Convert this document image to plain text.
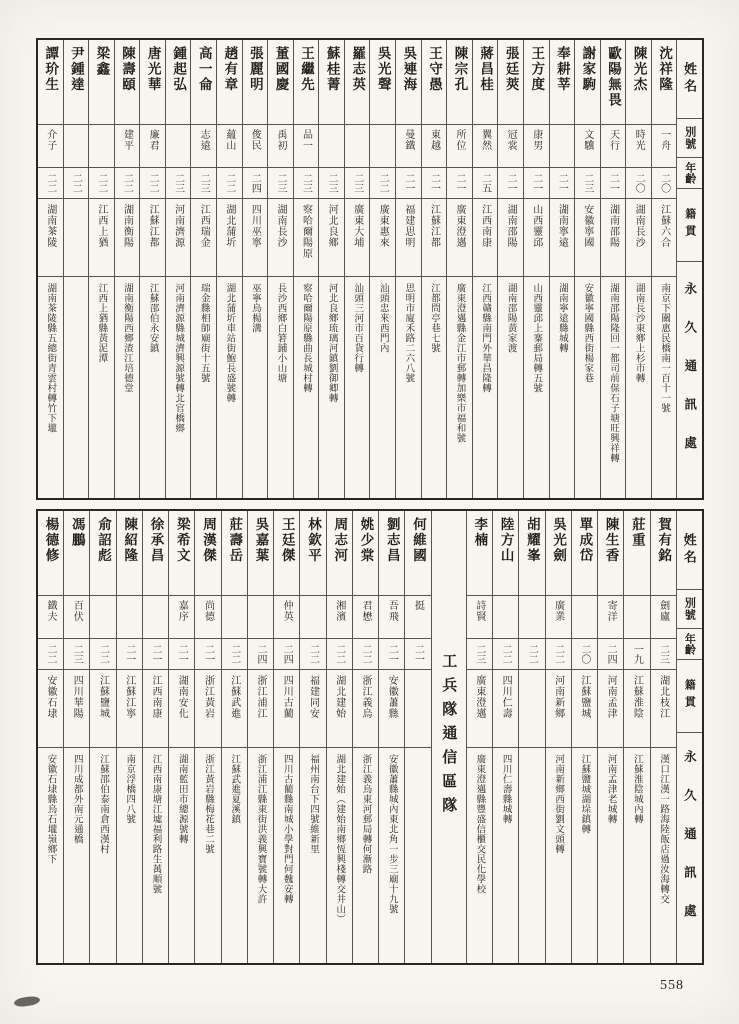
姓名
別號
年齡
籍貫
永久通訊處
沈祥隆
一舟
二〇
江蘇六合
南京下關惠民橋南一百十一號
陳光杰
時光
二〇
湖南長沙
湖南長沙東鄉上杉市轉
歐陽無畏
天行
二一
湖南邵陽
湖南邵陽隆回一都司前保石子塘旺興祥轉
謝家駒
文驥
二三
安徽寧國
安徽寧國縣西街楊家巷
奉耕莘
二一
湖南寧遠
湖南寧遠縣城轉
王方度
康男
二一
山西靈邱
山西靈邱上寨郵局轉五號
張廷莢
冠裳
二一
湖南邵陽
湖南邵陽黃家渡
蔣昌桂
翼然
二五
江西南康
江西贛縣南門外華昌隆轉
陳宗孔
所位
二一
廣東澄邁
廣東澄邁縣金江市郵轉加樂市福和號
王守愚
東越
二一
江蘇江都
江都問亭巷七號
吳連海
曼鐵
二一
福建思明
思明市廈禾路二六八號
吳光聲
二二
廣東惠來
汕頭忠來西門內
羅志英
二三
廣東大埔
汕頭三河市百貨行轉
蘇桂菁
二三
河北良鄉
河北良鄉琉璃河鎮劉御卿轉
王繼先
品一
二三
察哈爾陽原
察哈爾陽原縣曲長城村轉
董國慶
禹初
二三
湖南長沙
長沙西鄉白箬鋪小山塘
張麗明
俊民
二四
四川巫寧
巫寧烏楊溝
趙有章
蘊山
二二
湖北蒲圻
湖北蒲圻車站街鮑長盛號轉
高一侖
志遠
二三
江西瑞金
瑞金縣相師廟街十五號
鍾起弘
二三
河南濟源
河南濟源縣城濟興源號轉北官橋鄉
唐光華
廉君
二二
江蘇江都
江蘇邵伯永安鎮
陳壽頤
建平
二二
湖南衡陽
湖南衡陽西鄉渣江培德堂
梁鑫
二二
江西上猶
江西上猶縣黃泥潭
尹鍾達
二二
譚玠生
介子
二二
湖南茶陵
湖南茶陵縣五總街青雲村轉竹下壠
姓名
別號
年齡
籍貫
永久通訊處
賀有銘
劍廬
二三
湖北枝江
漢口江漢一路海陸飯店過汝海轉交
莊重
一九
江蘇淮陰
江蘇淮陰城內轉
陳生香
寄洋
二四
河南孟津
河南孟津老城轉
單成岱
二〇
江蘇鹽城
江蘇鹽城湖垛鎮轉
吳光劍
廣業
二二
河南新鄉
河南新鄉西街劉文頭轉
胡耀峯
二二
陸方山
二二
四川仁壽
四川仁壽縣城轉
李楠
詩賢
二三
廣東澄邁
廣東澄邁縣豐盛信櫃交民化學校
工兵隊通信區隊
何維國
挺
二一
劉志昌
吾飛
二一
安徽蕭縣
安徽蕭縣城內東北角一步三廟十九號
姚少棠
君懋
二二
浙江義烏
浙江義烏東河郵局轉何漸路
周志河
湘濱
二二
湖北建始
湖北建始（建始南鄉恆興棧轉交井山）
林欽平
二二
福建同安
福州南台下四號維新里
王廷傑
仲英
二四
四川古藺
四川古藺縣南城小學對門何魏安轉
吳嘉葉
二四
浙江浦江
浙江浦江縣東街洪義興寶號轉大許
莊壽岳
二二
江蘇武進
江蘇武進夏溪鎮
周漢傑
尚德
二一
浙江黃岩
浙江黃岩縣梅花巷二號
梁希文
嘉序
二一
湖南安化
湖南藍田市總源號轉
徐承昌
二一
江西南康
江西南康塘江墟福利路生萬順號
陳紹隆
二一
江蘇江寧
南京浮橋四八號
俞詔彪
二二
江蘇鹽城
江蘇邵伯泰南倉西漢村
馮鵬
百伏
二三
四川華陽
四川成都外南元通橋
楊德修
鐵夫
二二
安徽石埭
安徽石埭縣烏石壠嶺鄉下
558
